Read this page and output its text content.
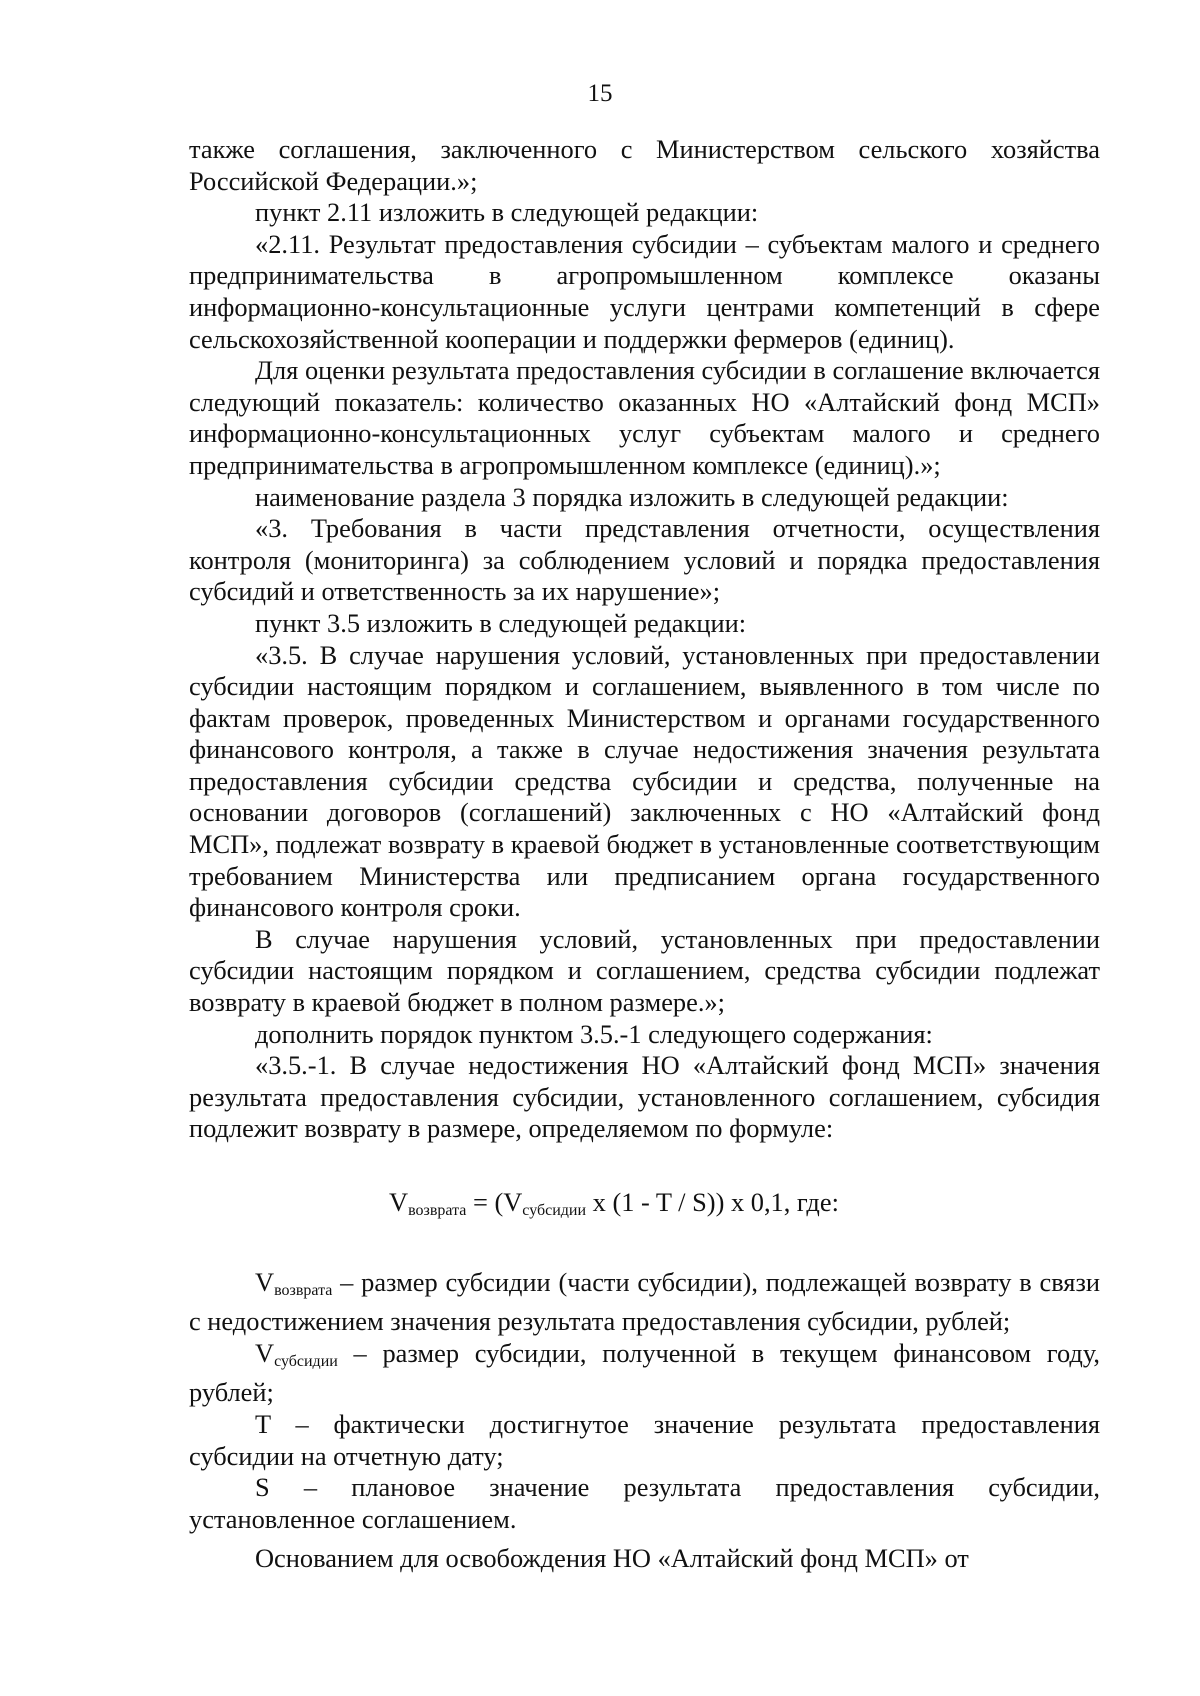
15

также соглашения, заключенного с Министерством сельского хозяйства Российской Федерации.»;

пункт 2.11 изложить в следующей редакции:

«2.11. Результат предоставления субсидии – субъектам малого и среднего предпринимательства в агропромышленном комплексе оказаны информационно-консультационные услуги центрами компетенций в сфере сельскохозяйственной кооперации и поддержки фермеров (единиц).

Для оценки результата предоставления субсидии в соглашение включается следующий показатель: количество оказанных НО «Алтайский фонд МСП» информационно-консультационных услуг субъектам малого и среднего предпринимательства в агропромышленном комплексе (единиц).»;

наименование раздела 3 порядка изложить в следующей редакции:

«3. Требования в части представления отчетности, осуществления контроля (мониторинга) за соблюдением условий и порядка предоставления субсидий и ответственность за их нарушение»;

пункт 3.5 изложить в следующей редакции:

«3.5. В случае нарушения условий, установленных при предоставлении субсидии настоящим порядком и соглашением, выявленного в том числе по фактам проверок, проведенных Министерством и органами государственного финансового контроля, а также в случае недостижения значения результата предоставления субсидии средства субсидии и средства, полученные на основании договоров (соглашений) заключенных с НО «Алтайский фонд МСП», подлежат возврату в краевой бюджет в установленные соответствующим требованием Министерства или предписанием органа государственного финансового контроля сроки.

В случае нарушения условий, установленных при предоставлении субсидии настоящим порядком и соглашением, средства субсидии подлежат возврату в краевой бюджет в полном размере.»;

дополнить порядок пунктом 3.5.-1 следующего содержания:

«3.5.-1. В случае недостижения НО «Алтайский фонд МСП» значения результата предоставления субсидии, установленного соглашением, субсидия подлежит возврату в размере, определяемом по формуле:

$V_{возврата} = (V_{субсидии}$ x (1 - T / S)) x 0,1, где:

$V_{возврата}$ – размер субсидии (части субсидии), подлежащей возврату в связи с недостижением значения результата предоставления субсидии, рублей;

$V_{субсидии}$ – размер субсидии, полученной в текущем финансовом году, рублей;

T – фактически достигнутое значение результата предоставления субсидии на отчетную дату;

S – плановое значение результата предоставления субсидии, установленное соглашением.

Основанием для освобождения НО «Алтайский фонд МСП» от
